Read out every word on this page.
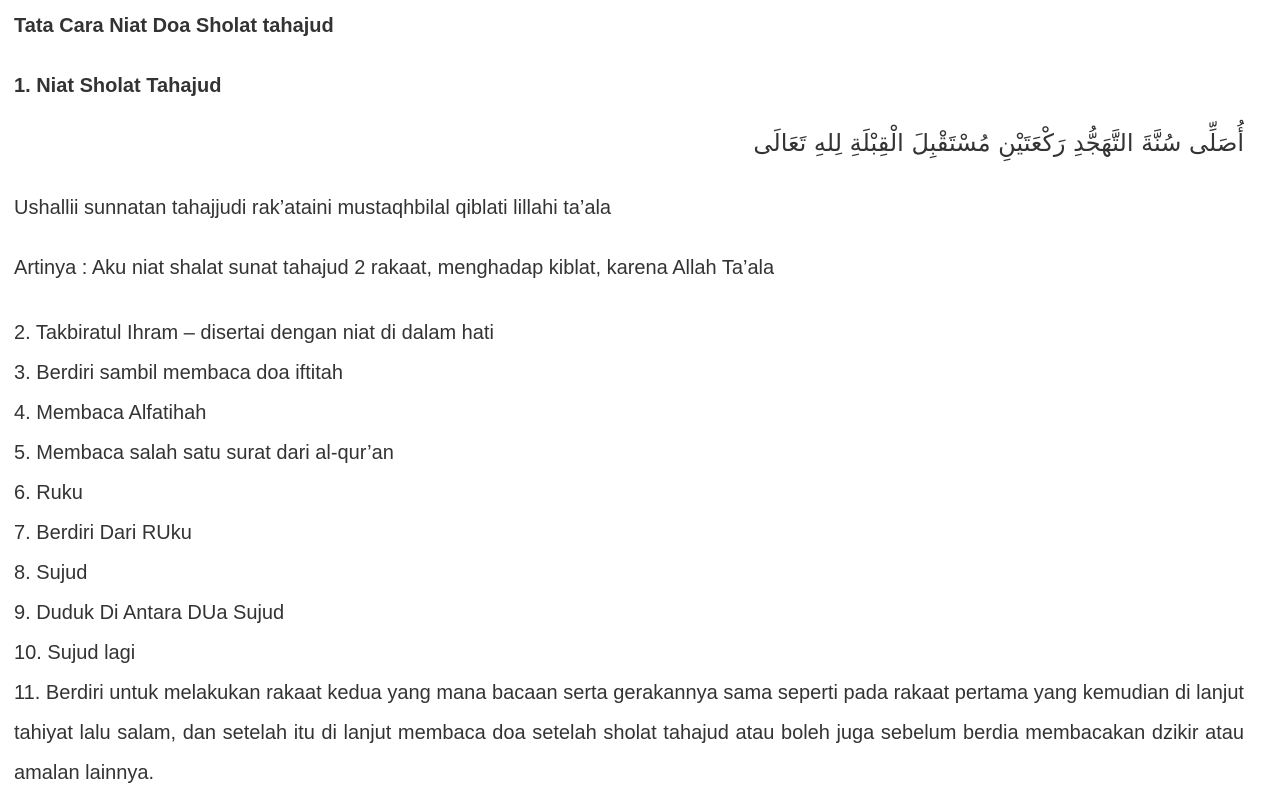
Tata Cara Niat Doa Sholat tahajud
1. Niat Sholat Tahajud
أُصَلِّى سُنَّةَ التَّهَجُّدِ رَكْعَتَيْنِ مُسْتَقْبِلَ الْقِبْلَةِ لِلهِ تَعَالَى
Ushallii sunnatan tahajjudi rak’ataini mustaqhbilal qiblati lillahi ta’ala
Artinya : Aku niat shalat sunat tahajud 2 rakaat, menghadap kiblat, karena Allah Ta’ala
2. Takbiratul Ihram – disertai dengan niat di dalam hati
3. Berdiri sambil membaca doa iftitah
4. Membaca Alfatihah
5. Membaca salah satu surat dari al-qur’an
6. Ruku
7. Berdiri Dari RUku
8. Sujud
9. Duduk Di Antara DUa Sujud
10. Sujud lagi
11. Berdiri untuk melakukan rakaat kedua yang mana bacaan serta gerakannya sama seperti pada rakaat pertama yang kemudian di lanjut tahiyat lalu salam, dan setelah itu di lanjut membaca doa setelah sholat tahajud atau boleh juga sebelum berdia membacakan dzikir atau amalan lainnya.
